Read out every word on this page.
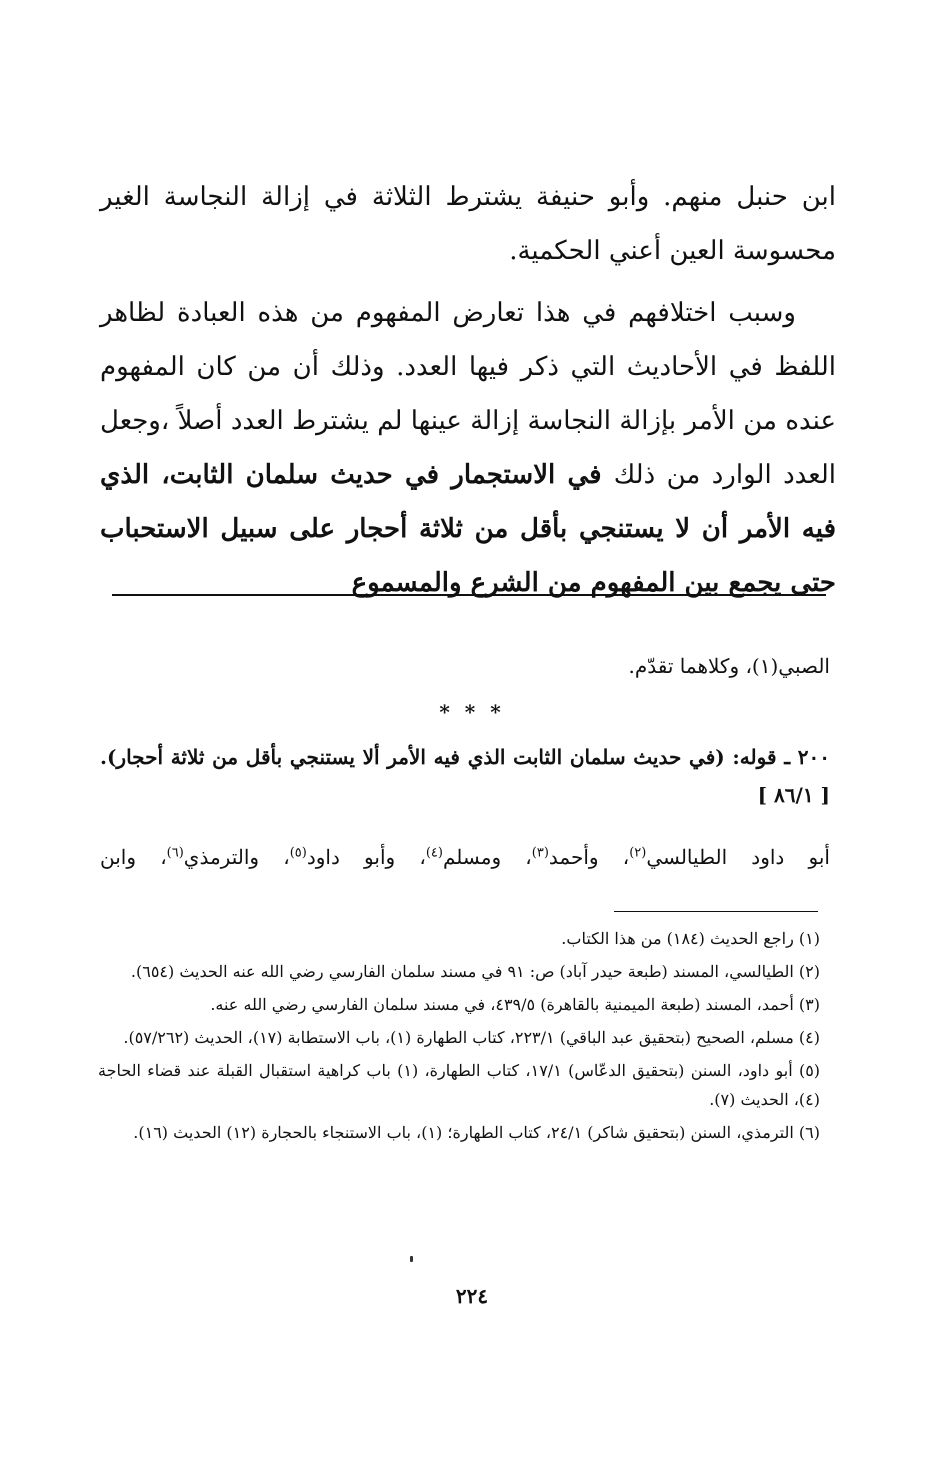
ابن حنبل منهم. وأبو حنيفة يشترط الثلاثة في إزالة النجاسة الغير محسوسة العين أعني الحكمية.

وسبب اختلافهم في هذا تعارض المفهوم من هذه العبادة لظاهر اللفظ في الأحاديث التي ذكر فيها العدد. وذلك أن من كان المفهوم عنده من الأمر بإزالة النجاسة إزالة عينها لم يشترط العدد أصلاً ،وجعل العدد الوارد من ذلك في الاستجمار في حديث سلمان الثابت، الذي فيه الأمر أن لا يستنجي بأقل من ثلاثة أحجار على سبيل الاستحباب حتى يجمع بين المفهوم من الشرع والمسموع

الصبي(١)، وكلاهما تقدّم.
* * *
٢٠٠ ـ قوله: (في حديث سلمان الثابت الذي فيه الأمر ألا يستنجي بأقل من ثلاثة أحجار). [ ٨٦/١ ]
أبو داود الطيالسي$^{(٢)}$، وأحمد$^{(٣)}$، ومسلم$^{(٤)}$، وأبو داود$^{(٥)}$، والترمذي$^{(٦)}$، وابن

(١) راجع الحديث (١٨٤) من هذا الكتاب.

(٢) الطيالسي، المسند (طبعة حيدر آباد) ص: ٩١ في مسند سلمان الفارسي رضي الله عنه الحديث (٦٥٤).

(٣) أحمد، المسند (طبعة الميمنية بالقاهرة) ٤٣٩/٥، في مسند سلمان الفارسي رضي الله عنه.

(٤) مسلم، الصحيح (بتحقيق عبد الباقي) ٢٢٣/١، كتاب الطهارة (١)، باب الاستطابة (١٧)، الحديث (٥٧/٢٦٢).

(٥) أبو داود، السنن (بتحقيق الدعّاس) ١٧/١، كتاب الطهارة، (١) باب كراهية استقبال القبلة عند قضاء الحاجة (٤)، الحديث (٧).

(٦) الترمذي، السنن (بتحقيق شاكر) ٢٤/١، كتاب الطهارة؛ (١)، باب الاستنجاء بالحجارة (١٢) الحديث (١٦).

٢٢٤
